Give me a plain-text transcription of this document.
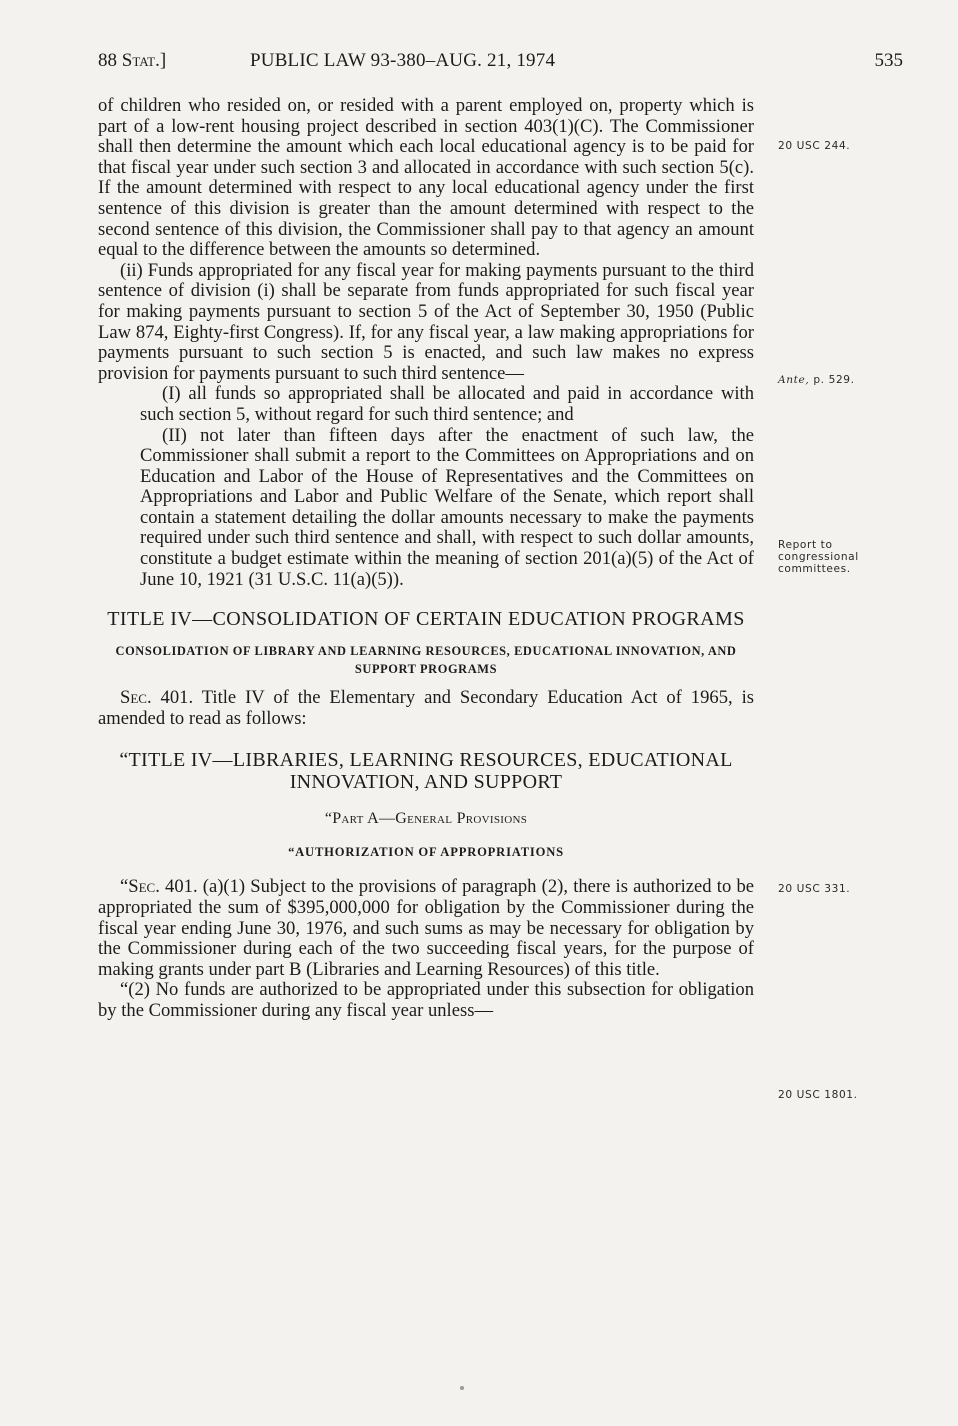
88 Stat.]	PUBLIC LAW 93-380–AUG. 21, 1974	535

of children who resided on, or resided with a parent employed on, property which is part of a low-rent housing project described in section 403(1)(C). The Commissioner shall then determine the amount which each local educational agency is to be paid for that fiscal year under such section 3 and allocated in accordance with such section 5(c). If the amount determined with respect to any local educational agency under the first sentence of this division is greater than the amount determined with respect to the second sentence of this division, the Commissioner shall pay to that agency an amount equal to the difference between the amounts so determined.

(ii) Funds appropriated for any fiscal year for making payments pursuant to the third sentence of division (i) shall be separate from funds appropriated for such fiscal year for making payments pursuant to section 5 of the Act of September 30, 1950 (Public Law 874, Eighty-first Congress). If, for any fiscal year, a law making appropriations for payments pursuant to such section 5 is enacted, and such law makes no express provision for payments pursuant to such third sentence—

(I) all funds so appropriated shall be allocated and paid in accordance with such section 5, without regard for such third sentence; and

(II) not later than fifteen days after the enactment of such law, the Commissioner shall submit a report to the Committees on Appropriations and on Education and Labor of the House of Representatives and the Committees on Appropriations and Labor and Public Welfare of the Senate, which report shall contain a statement detailing the dollar amounts necessary to make the payments required under such third sentence and shall, with respect to such dollar amounts, constitute a budget estimate within the meaning of section 201(a)(5) of the Act of June 10, 1921 (31 U.S.C. 11(a)(5)).

TITLE IV—CONSOLIDATION OF CERTAIN EDUCATION PROGRAMS
CONSOLIDATION OF LIBRARY AND LEARNING RESOURCES, EDUCATIONAL INNOVATION, AND SUPPORT PROGRAMS

Sec. 401. Title IV of the Elementary and Secondary Education Act of 1965, is amended to read as follows:

“TITLE IV—LIBRARIES, LEARNING RESOURCES, EDUCATIONAL INNOVATION, AND SUPPORT
“Part A—General Provisions
“AUTHORIZATION OF APPROPRIATIONS

“Sec. 401. (a)(1) Subject to the provisions of paragraph (2), there is authorized to be appropriated the sum of $395,000,000 for obligation by the Commissioner during the fiscal year ending June 30, 1976, and such sums as may be necessary for obligation by the Commissioner during each of the two succeeding fiscal years, for the purpose of making grants under part B (Libraries and Learning Resources) of this title.

“(2) No funds are authorized to be appropriated under this subsection for obligation by the Commissioner during any fiscal year unless—

20 USC 244.
Ante, p. 529.
Report to congressional committees.
20 USC 331.
20 USC 1801.
